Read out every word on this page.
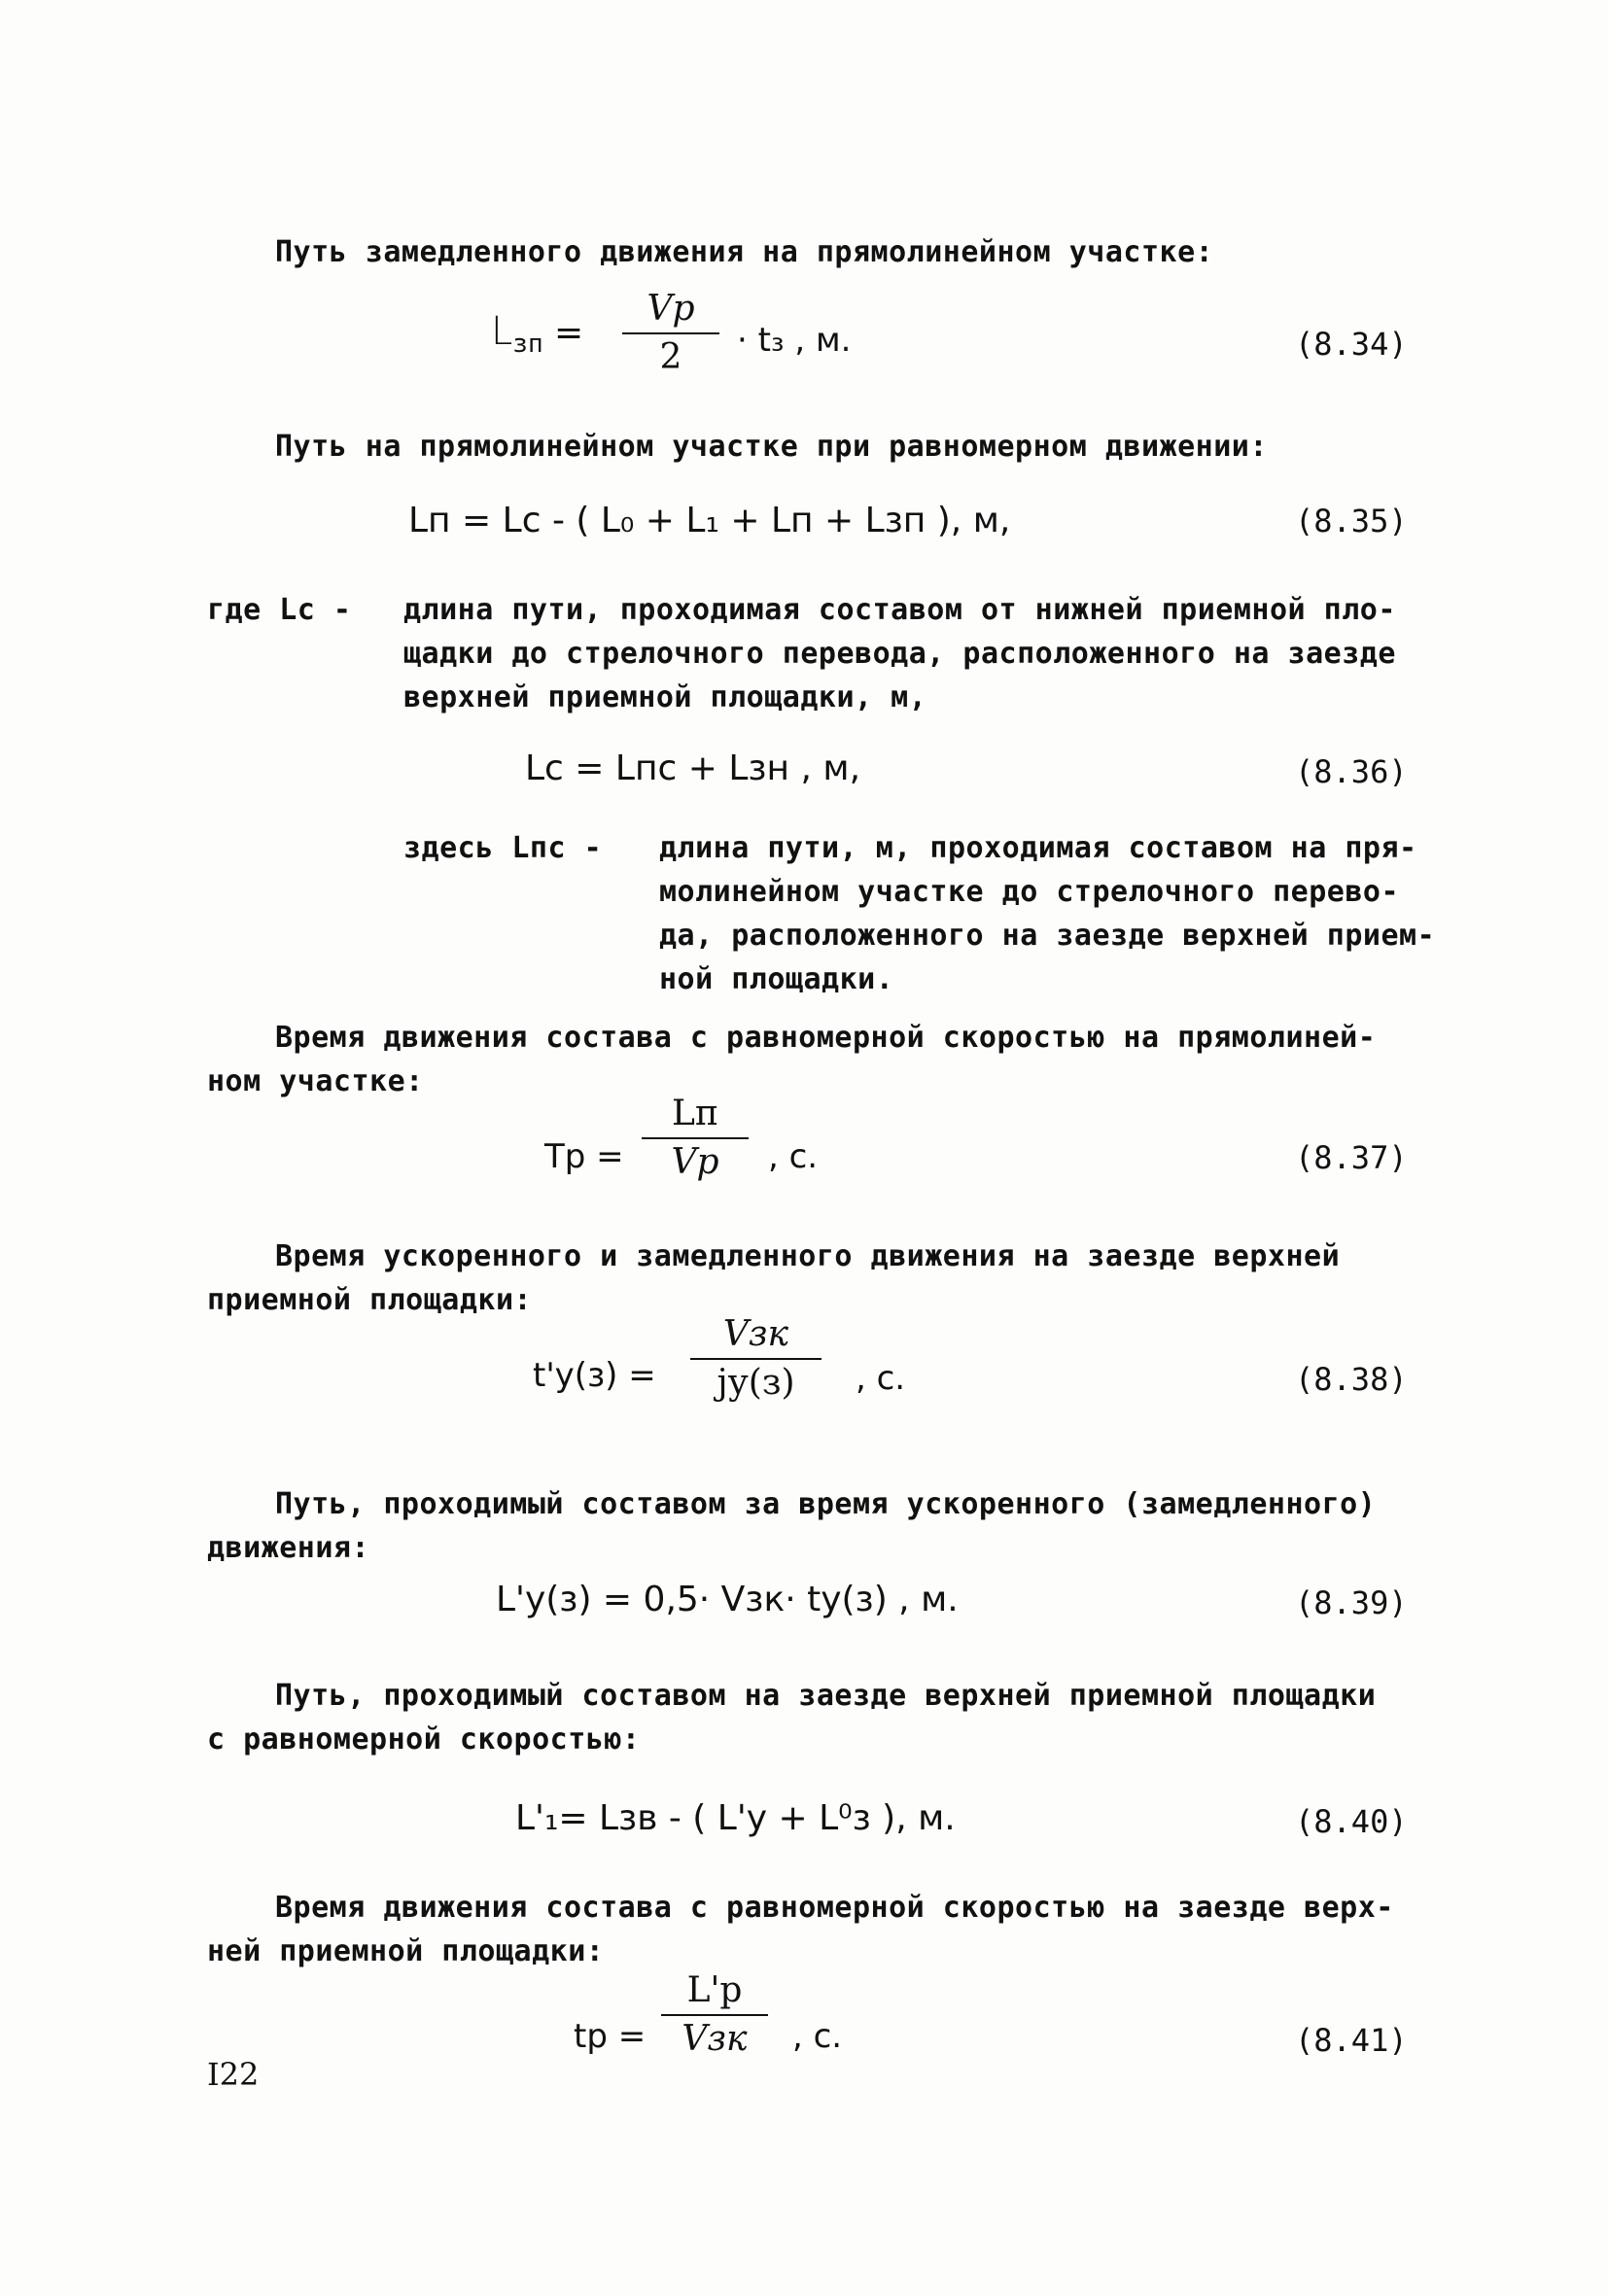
Путь замедленного движения на прямолинейном участке:
$L_{зп}$ =
Vp
2 · t₃ , м.	(8.34)
Путь на прямолинейном участке при равномерном движении:
Lп = Lс - ( L₀ + L₁ + Lп + Lзп ), м,	(8.35)
где Lс - длина пути, проходимая составом от нижней приемной пло-
щадки до стрелочного перевода, расположенного на заезде
верхней приемной площадки, м,
Lс = Lпс + Lзн , м,	(8.36)
здесь Lпс - длина пути, м, проходимая составом на пря-
молинейном участке до стрелочного перево-
да, расположенного на заезде верхней прием-
ной площадки.
Время движения состава с равномерной скоростью на прямолиней-
ном участке:
Tр =
Lп
Vр , с.	(8.37)
Время ускоренного и замедленного движения на заезде верхней
приемной площадки:
t'у(з) =
Vзк
jу(з) , с.	(8.38)
Путь, проходимый составом за время ускоренного (замедленного)
движения:
L'у(з) = 0,5· Vзк· tу(з) , м.	(8.39)
Путь, проходимый составом на заезде верхней приемной площадки
с равномерной скоростью:
L'₁= Lзв - ( L'у + L⁰з ), м.	(8.40)
Время движения состава с равномерной скоростью на заезде верх-
ней приемной площадки:
tр =
L'р
Vзк , с.	(8.41)
I22
